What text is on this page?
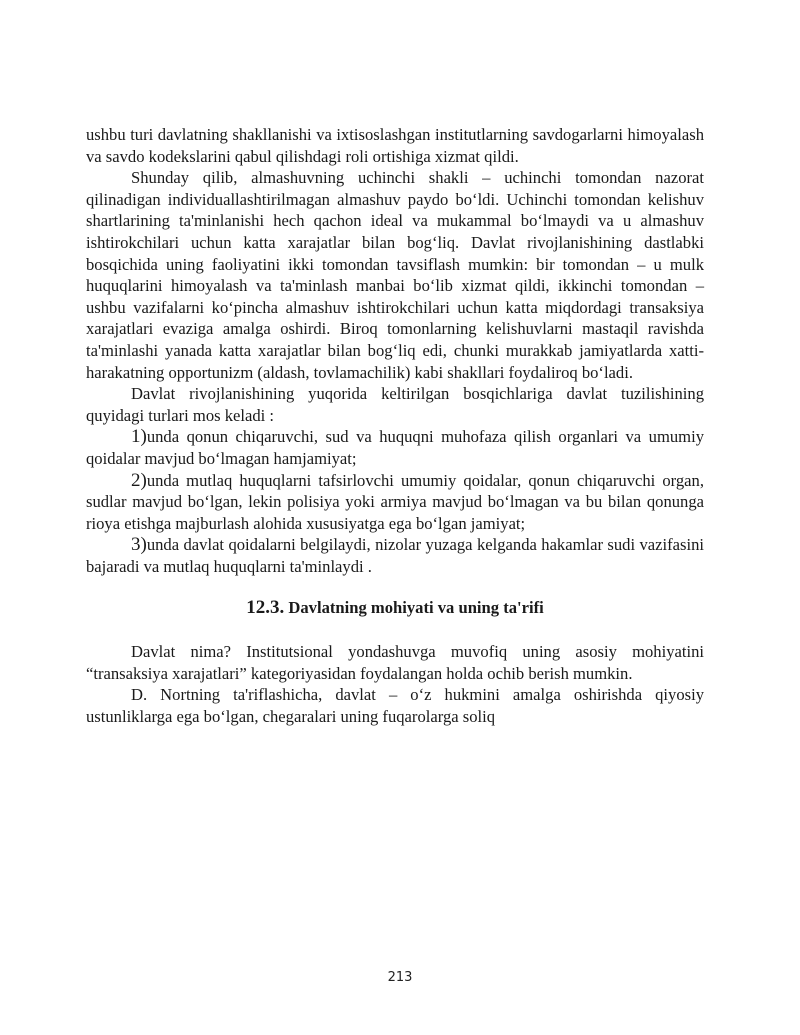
ushbu turi davlatning shakllanishi va ixtisoslashgan institutlarning savdogarlarni himoyalash va savdo kodekslarini qabul qilishdagi roli ortishiga xizmat qildi.

Shunday qilib, almashuvning uchinchi shakli – uchinchi tomondan nazorat qilinadigan individuallashtirilmagan almashuv paydo bo‘ldi. Uchinchi tomondan kelishuv shartlarining ta'minlanishi hech qachon ideal va mukammal bo‘lmaydi va u almashuv ishtirokchilari uchun katta xarajatlar bilan bog‘liq. Davlat rivojlanishining dastlabki bosqichida uning faoliyatini ikki tomondan tavsiflash mumkin: bir tomondan – u mulk huquqlarini himoyalash va ta'minlash manbai bo‘lib xizmat qildi, ikkinchi tomondan – ushbu vazifalarni ko‘pincha almashuv ishtirokchilari uchun katta miqdordagi transaksiya xarajatlari evaziga amalga oshirdi. Biroq tomonlarning kelishuvlarni mastaqil ravishda ta'minlashi yanada katta xarajatlar bilan bog‘liq edi, chunki murakkab jamiyatlarda xatti- harakatning opportunizm (aldash, tovlamachilik) kabi shakllari foydaliroq bo‘ladi.

Davlat rivojlanishining yuqorida keltirilgan bosqichlariga davlat tuzilishining quyidagi turlari mos keladi :

1)unda qonun chiqaruvchi, sud va huquqni muhofaza qilish organlari va umumiy qoidalar mavjud bo‘lmagan hamjamiyat;

2)unda mutlaq huquqlarni tafsirlovchi umumiy qoidalar, qonun chiqaruvchi organ, sudlar mavjud bo‘lgan, lekin polisiya yoki armiya mavjud bo‘lmagan va bu bilan qonunga rioya etishga majburlash alohida xususiyatga ega bo‘lgan jamiyat;

3)unda davlat qoidalarni belgilaydi, nizolar yuzaga kelganda hakamlar sudi vazifasini bajaradi va mutlaq huquqlarni ta'minlaydi .

12.3. Davlatning mohiyati va uning ta'rifi

Davlat nima? Institutsional yondashuvga muvofiq uning asosiy mohiyatini “transaksiya xarajatlari” kategoriyasidan foydalangan holda ochib berish mumkin.

D. Nortning ta'riflashicha, davlat – o‘z hukmini amalga oshirishda qiyosiy ustunliklarga ega bo‘lgan, chegaralari uning fuqarolarga soliq

213
